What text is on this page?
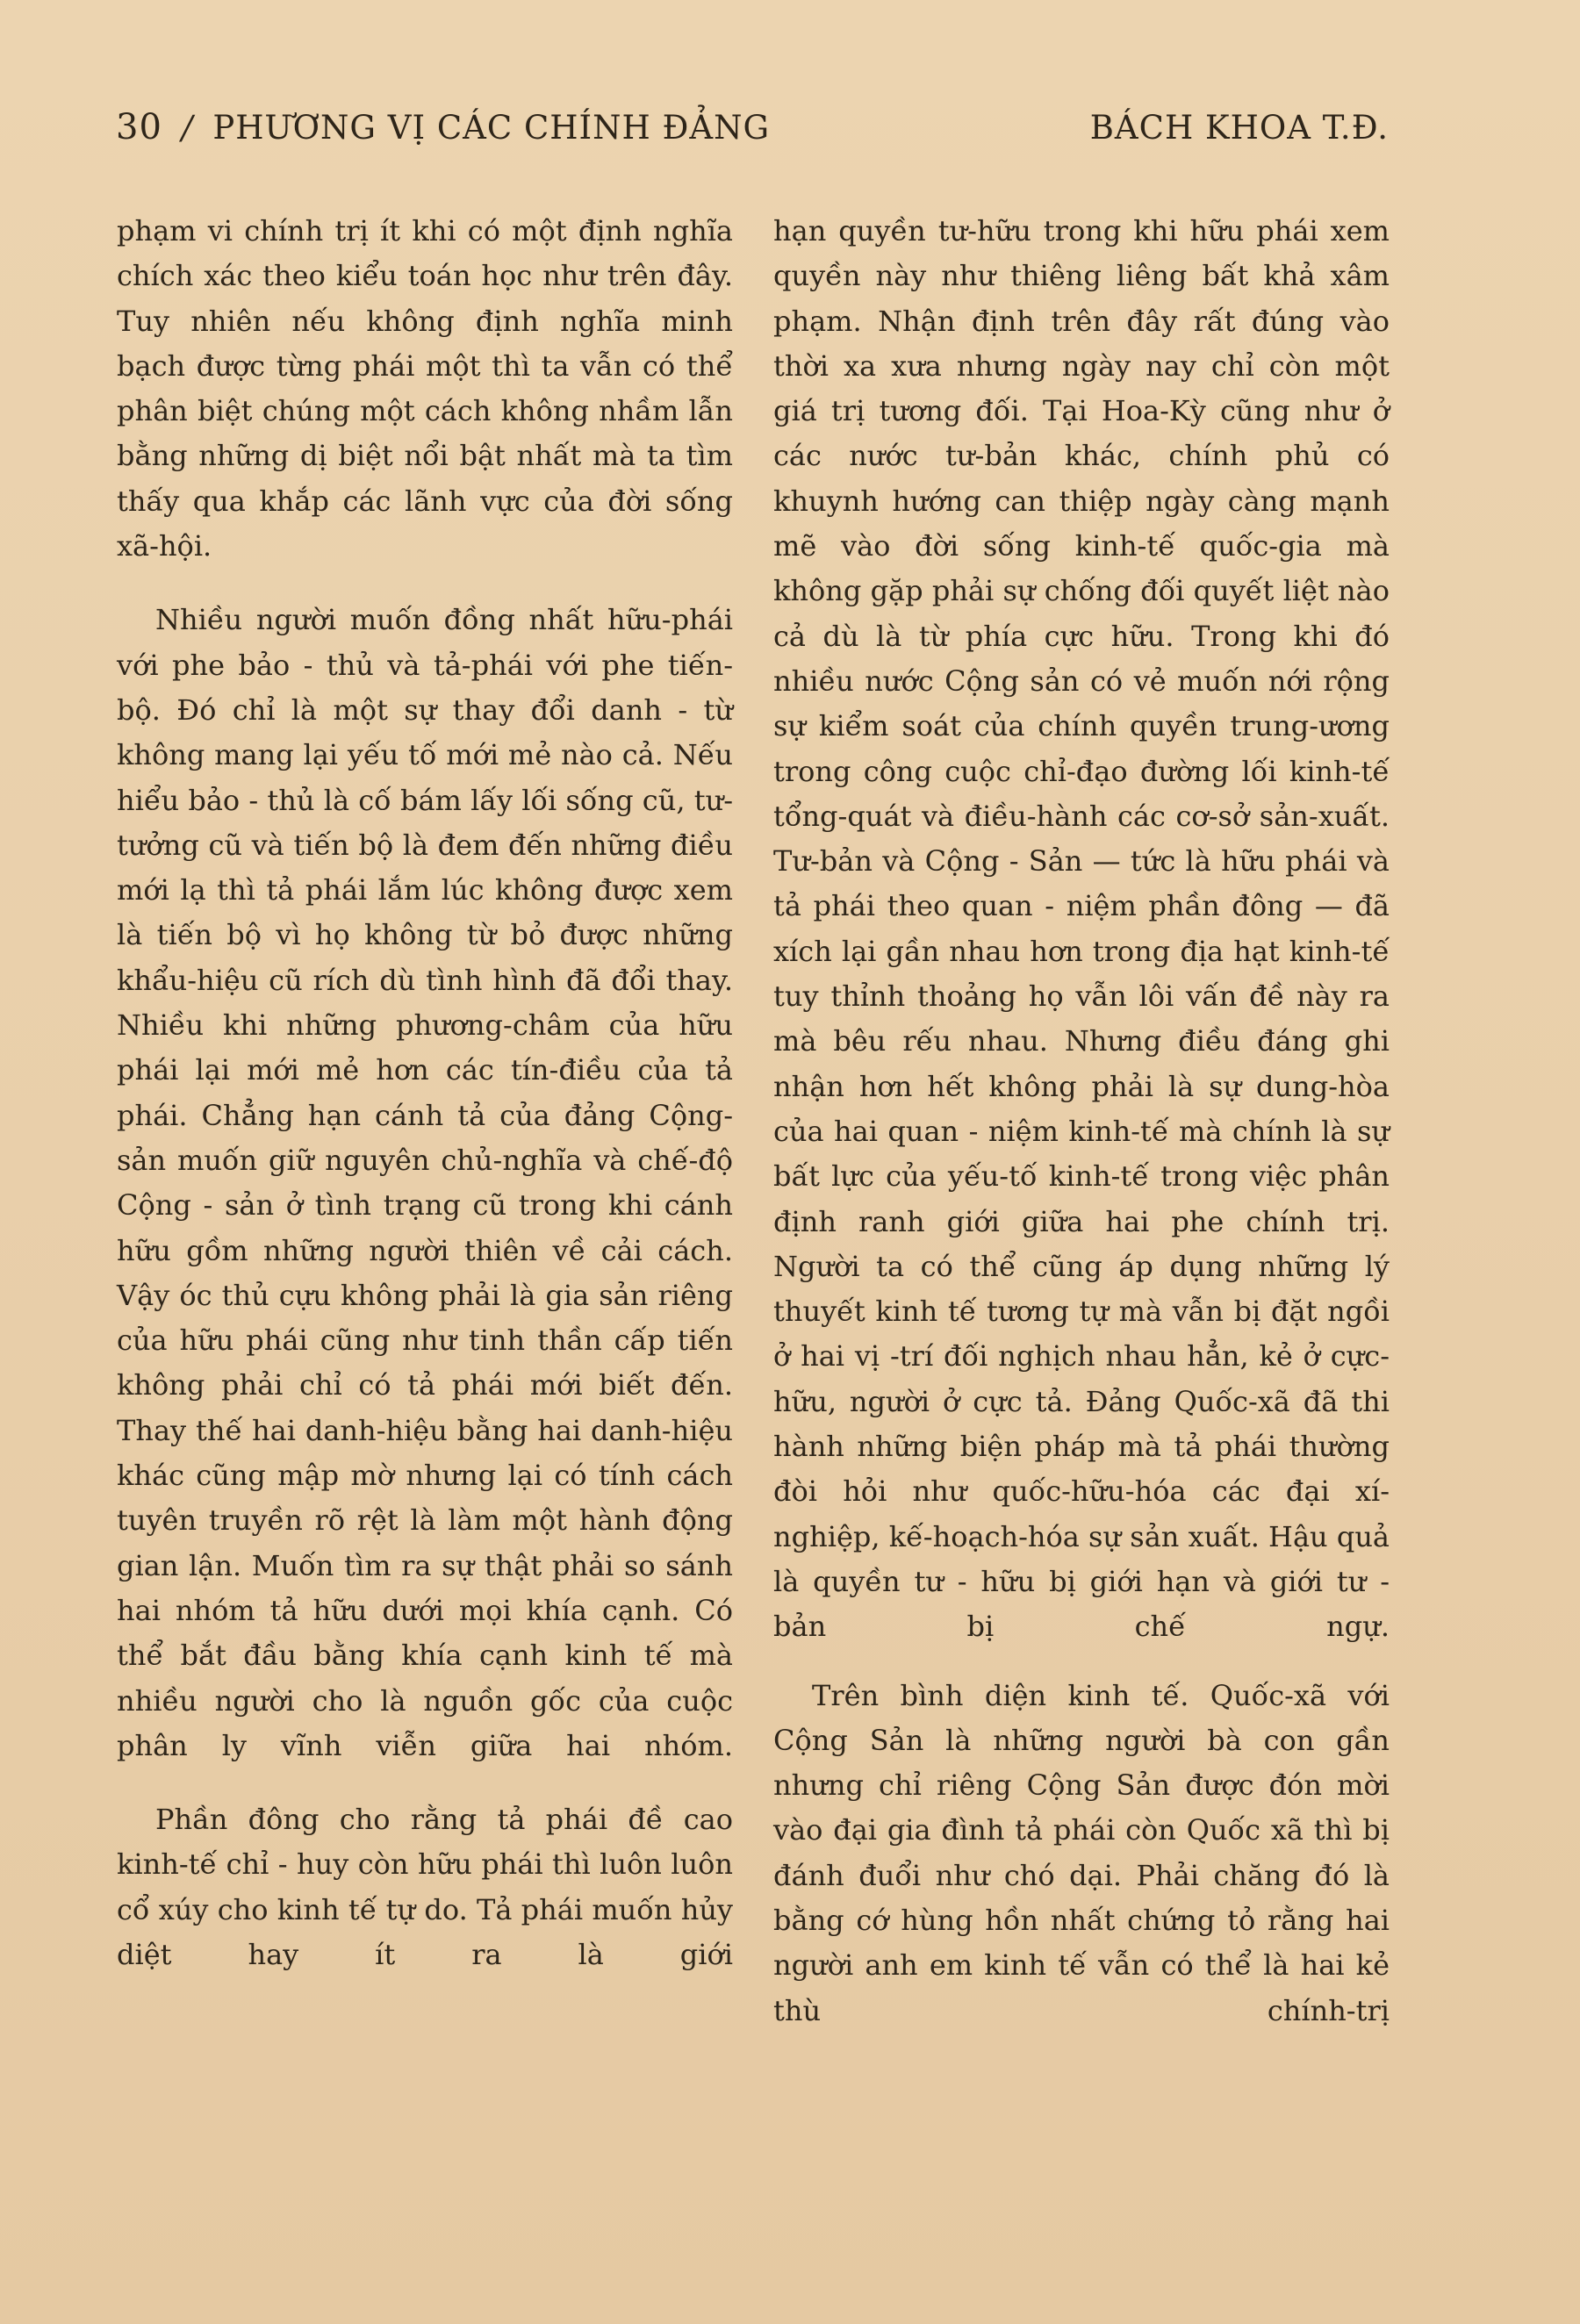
30 / PHƯƠNG VỊ CÁC CHÍNH ĐẢNG	BÁCH KHOA T.Đ.

phạm vi chính trị ít khi có một định nghĩa chích xác theo kiểu toán học như trên đây. Tuy nhiên nếu không định nghĩa minh bạch được từng phái một thì ta vẫn có thể phân biệt chúng một cách không nhầm lẫn bằng những dị biệt nổi bật nhất mà ta tìm thấy qua khắp các lãnh vực của đời sống xã-hội.

Nhiều người muốn đồng nhất hữu-phái với phe bảo - thủ và tả-phái với phe tiến-bộ. Đó chỉ là một sự thay đổi danh - từ không mang lại yếu tố mới mẻ nào cả. Nếu hiểu bảo - thủ là cố bám lấy lối sống cũ, tư-tưởng cũ và tiến bộ là đem đến những điều mới lạ thì tả phái lắm lúc không được xem là tiến bộ vì họ không từ bỏ được những khẩu-hiệu cũ rích dù tình hình đã đổi thay. Nhiều khi những phương-châm của hữu phái lại mới mẻ hơn các tín-điều của tả phái. Chẳng hạn cánh tả của đảng Cộng-sản muốn giữ nguyên chủ-nghĩa và chế-độ Cộng - sản ở tình trạng cũ trong khi cánh hữu gồm những người thiên về cải cách. Vậy óc thủ cựu không phải là gia sản riêng của hữu phái cũng như tinh thần cấp tiến không phải chỉ có tả phái mới biết đến. Thay thế hai danh-hiệu bằng hai danh-hiệu khác cũng mập mờ nhưng lại có tính cách tuyên truyền rõ rệt là làm một hành động gian lận. Muốn tìm ra sự thật phải so sánh hai nhóm tả hữu dưới mọi khía cạnh. Có thể bắt đầu bằng khía cạnh kinh tế mà nhiều người cho là nguồn gốc của cuộc phân ly vĩnh viễn giữa hai nhóm.

Phần đông cho rằng tả phái đề cao kinh-tế chỉ - huy còn hữu phái thì luôn luôn cổ xúy cho kinh tế tự do. Tả phái muốn hủy diệt hay ít ra là giới

hạn quyền tư-hữu trong khi hữu phái xem quyền này như thiêng liêng bất khả xâm phạm. Nhận định trên đây rất đúng vào thời xa xưa nhưng ngày nay chỉ còn một giá trị tương đối. Tại Hoa-Kỳ cũng như ở các nước tư-bản khác, chính phủ có khuynh hướng can thiệp ngày càng mạnh mẽ vào đời sống kinh-tế quốc-gia mà không gặp phải sự chống đối quyết liệt nào cả dù là từ phía cực hữu. Trong khi đó nhiều nước Cộng sản có vẻ muốn nới rộng sự kiểm soát của chính quyền trung-ương trong công cuộc chỉ-đạo đường lối kinh-tế tổng-quát và điều-hành các cơ-sở sản-xuất. Tư-bản và Cộng - Sản — tức là hữu phái và tả phái theo quan - niệm phần đông — đã xích lại gần nhau hơn trong địa hạt kinh-tế tuy thỉnh thoảng họ vẫn lôi vấn đề này ra mà bêu rếu nhau. Nhưng điều đáng ghi nhận hơn hết không phải là sự dung-hòa của hai quan - niệm kinh-tế mà chính là sự bất lực của yếu-tố kinh-tế trong việc phân định ranh giới giữa hai phe chính trị. Người ta có thể cũng áp dụng những lý thuyết kinh tế tương tự mà vẫn bị đặt ngồi ở hai vị -trí đối nghịch nhau hẳn, kẻ ở cực-hữu, người ở cực tả. Đảng Quốc-xã đã thi hành những biện pháp mà tả phái thường đòi hỏi như quốc-hữu-hóa các đại xí-nghiệp, kế-hoạch-hóa sự sản xuất. Hậu quả là quyền tư - hữu bị giới hạn và giới tư - bản bị chế ngự.

Trên bình diện kinh tế. Quốc-xã với Cộng Sản là những người bà con gần nhưng chỉ riêng Cộng Sản được đón mời vào đại gia đình tả phái còn Quốc xã thì bị đánh đuổi như chó dại. Phải chăng đó là bằng cớ hùng hồn nhất chứng tỏ rằng hai người anh em kinh tế vẫn có thể là hai kẻ thù chính-trị
